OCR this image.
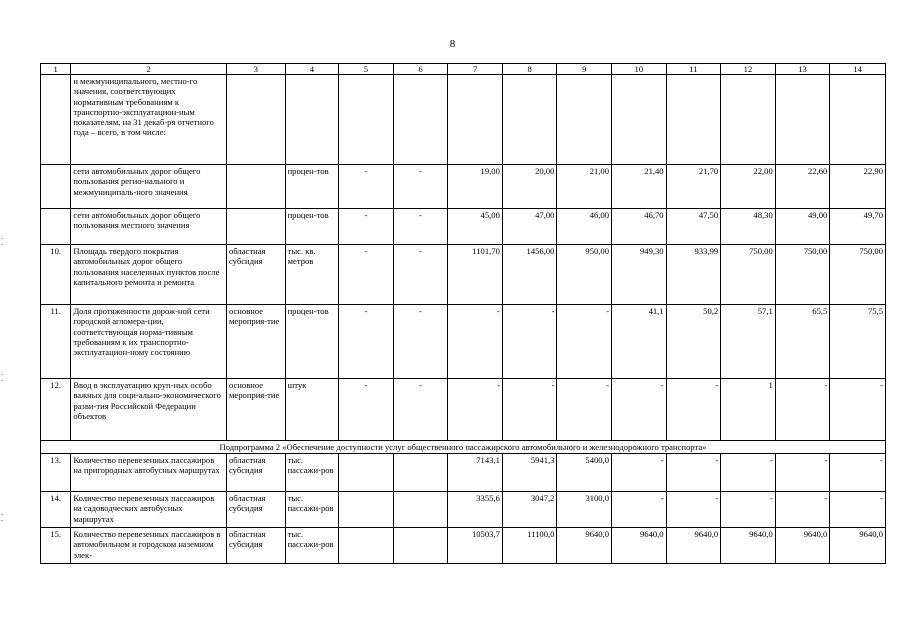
8
1	2	3	4	5	6	7	8	9	10	11	12	13	14
	и межмуниципального, местно-го значения, соответствующих нормативным требованиям к транспортно-эксплуатацион-ным показателям, на 31 декаб-ря отчетного года – всего, в том числе:												
	сети автомобильных дорог общего пользования регио-нального и межмуниципаль-ного значения		процен-тов	-	-	19,00	20,00	21,00	21,40	21,70	22,00	22,60	22,90
	сети автомобильных дорог общего пользования местного значения		процен-тов	-	-	45,00	47,00	46,00	46,70	47,50	48,30	49,00	49,70
10.	Площадь твердого покрытия автомобильных дорог общего пользования населенных пунктов после капитального ремонта и ремонта	областная субсидия	тыс. кв. метров	-	-	1101,70	1456,00	950,00	949,30	933,99	750,00	750,00	750,00
11.	Доля протяженности дорож-ной сети городской агломера-ции, соответствующая норма-тивным требованиям к их транспортно-эксплуатацион-ному состоянию	основное мероприя-тие	процен-тов	-	-	-	-	-	41,1	50,2	57,1	65,5	75,5
12.	Ввод в эксплуатацию круп-ных особо важных для соци-ально-экономического разви-тия Российской Федерации объектов	основное мероприя-тие	штук	-	-	-	-	-	-	-	1	-	-
Подпрограмма 2 «Обеспечение доступности услуг общественного пассажирского автомобильного и железнодорожного транспорта»													
13.	Количество перевезенных пассажиров на пригородных автобусных маршрутах	областная субсидия	тыс. пассажи-ров			7143,1	5941,3	5400,0	-	-	-	-	-
14.	Количество перевезенных пассажиров на садоводческих автобусных маршрутах	областная субсидия	тыс. пассажи-ров			3355,6	3047,2	3100,0	-	-	-	-	-
15.	Количество перевезенных пассажиров в автомобильном и городском наземном элек-	областная субсидия	тыс. пассажи-ров			10503,7	11100,0	9640,0	9640,0	9640,0	9640,0	9640,0	9640,0
